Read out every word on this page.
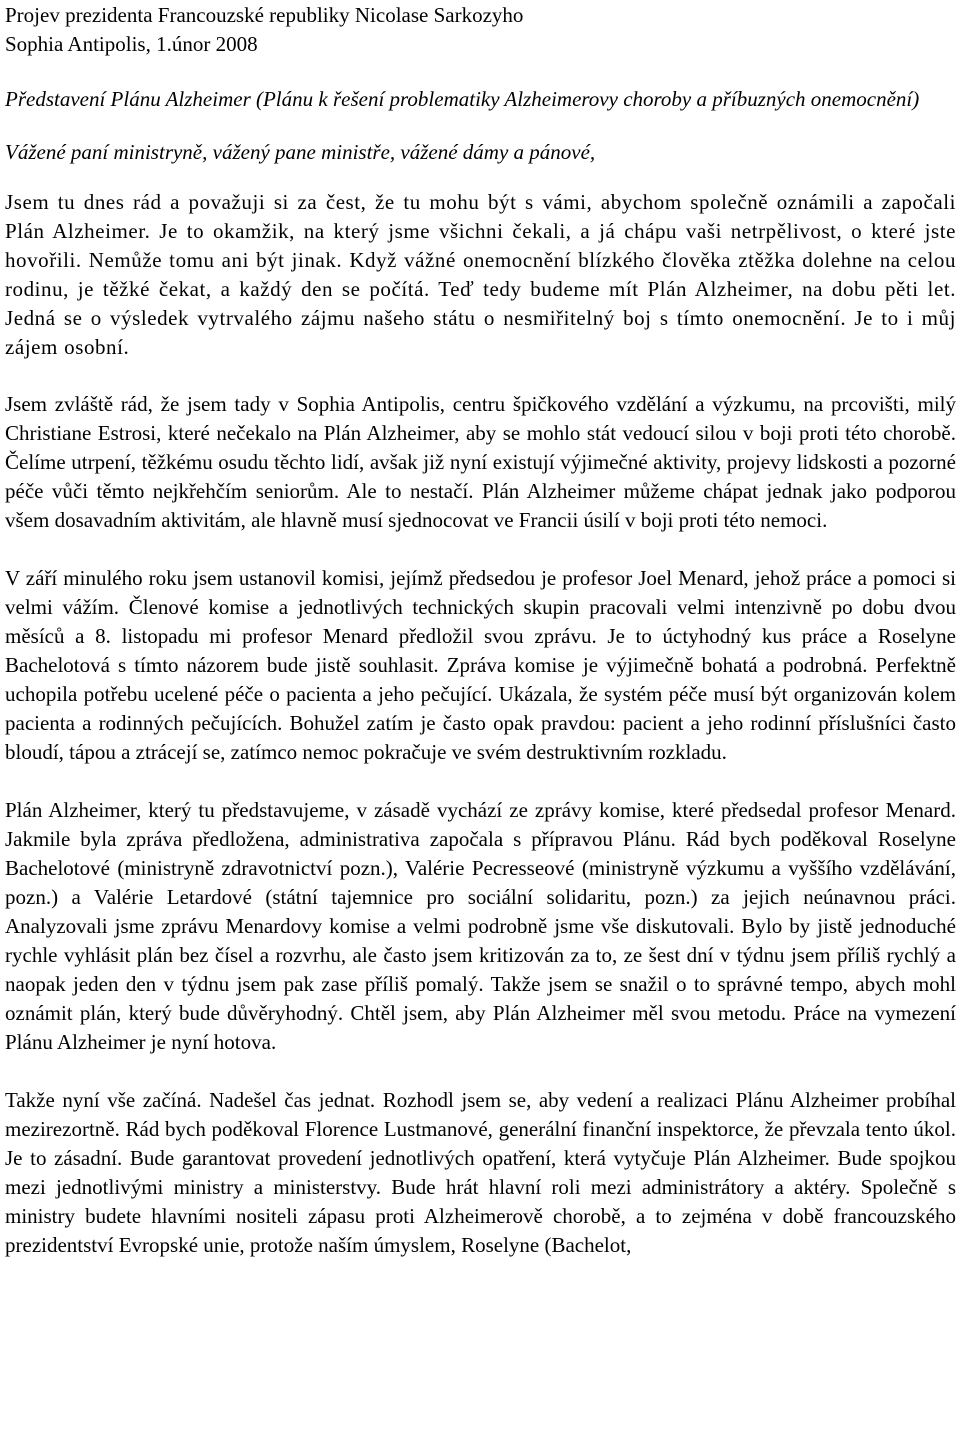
Projev prezidenta Francouzské republiky Nicolase Sarkozyho
Sophia Antipolis, 1.únor 2008
Představení Plánu Alzheimer (Plánu k řešení problematiky Alzheimerovy choroby a příbuzných onemocnění)
Vážené paní ministryně, vážený pane ministře, vážené dámy a pánové,

Jsem tu dnes rád a považuji si za čest, že tu mohu být s vámi, abychom společně oznámili a započali Plán Alzheimer. Je to okamžik, na který jsme všichni čekali, a já chápu vaši netrpělivost, o které jste hovořili. Nemůže tomu ani být jinak. Když vážné onemocnění blízkého člověka ztěžka dolehne na celou rodinu, je těžké čekat, a každý den se počítá. Teď tedy budeme mít Plán Alzheimer, na dobu pěti let. Jedná se o výsledek vytrvalého zájmu našeho státu o nesmiřitelný boj s tímto onemocnění. Je to i můj zájem osobní.

Jsem zvláště rád, že jsem tady v Sophia Antipolis, centru špičkového vzdělání a výzkumu, na prcovišti, milý Christiane Estrosi, které nečekalo na Plán Alzheimer, aby se mohlo stát vedoucí silou v boji proti této chorobě. Čelíme utrpení, těžkému osudu těchto lidí, avšak již nyní existují výjimečné aktivity, projevy lidskosti a pozorné péče vůči těmto nejkřehčím seniorům. Ale to nestačí. Plán Alzheimer můžeme chápat jednak jako podporou všem dosavadním aktivitám, ale hlavně musí sjednocovat ve Francii úsilí v boji proti této nemoci.

V září minulého roku jsem ustanovil komisi, jejímž předsedou je profesor Joel Menard, jehož práce a pomoci si velmi vážím. Členové komise a jednotlivých technických skupin pracovali velmi intenzivně po dobu dvou měsíců a 8. listopadu mi profesor Menard předložil svou zprávu. Je to úctyhodný kus práce a Roselyne Bachelotová s tímto názorem bude jistě souhlasit. Zpráva komise je výjimečně bohatá a podrobná. Perfektně uchopila potřebu ucelené péče o pacienta a jeho pečující. Ukázala, že systém péče musí být organizován kolem pacienta a rodinných pečujících. Bohužel zatím je často opak pravdou: pacient a jeho rodinní příslušníci často bloudí, tápou a ztrácejí se, zatímco nemoc pokračuje ve svém destruktivním rozkladu.

Plán Alzheimer, který tu představujeme, v zásadě vychází ze zprávy komise, které předsedal profesor Menard. Jakmile byla zpráva předložena, administrativa započala s přípravou Plánu. Rád bych poděkoval Roselyne Bachelotové (ministryně zdravotnictví pozn.), Valérie Pecresseové (ministryně výzkumu a vyššího vzdělávání, pozn.) a Valérie Letardové (státní tajemnice pro sociální solidaritu, pozn.) za jejich neúnavnou práci. Analyzovali jsme zprávu Menardovy komise a velmi podrobně jsme vše diskutovali. Bylo by jistě jednoduché rychle vyhlásit plán bez čísel a rozvrhu, ale často jsem kritizován za to, ze šest dní v týdnu jsem příliš rychlý a naopak jeden den v týdnu jsem pak zase příliš pomalý. Takže jsem se snažil o to správné tempo, abych mohl oznámit plán, který bude důvěryhodný. Chtěl jsem, aby Plán Alzheimer měl svou metodu. Práce na vymezení Plánu Alzheimer je nyní hotova.

Takže nyní vše začíná. Nadešel čas jednat. Rozhodl jsem se, aby vedení a realizaci Plánu Alzheimer probíhal mezirezortně. Rád bych poděkoval Florence Lustmanové, generální finanční inspektorce, že převzala tento úkol. Je to zásadní. Bude garantovat provedení jednotlivých opatření, která vytyčuje Plán Alzheimer. Bude spojkou mezi jednotlivými ministry a ministerstvy. Bude hrát hlavní roli mezi administrátory a aktéry. Společně s ministry budete hlavními nositeli zápasu proti Alzheimerově chorobě, a to zejména v době francouzského prezidentství Evropské unie, protože naším úmyslem, Roselyne (Bachelot,
